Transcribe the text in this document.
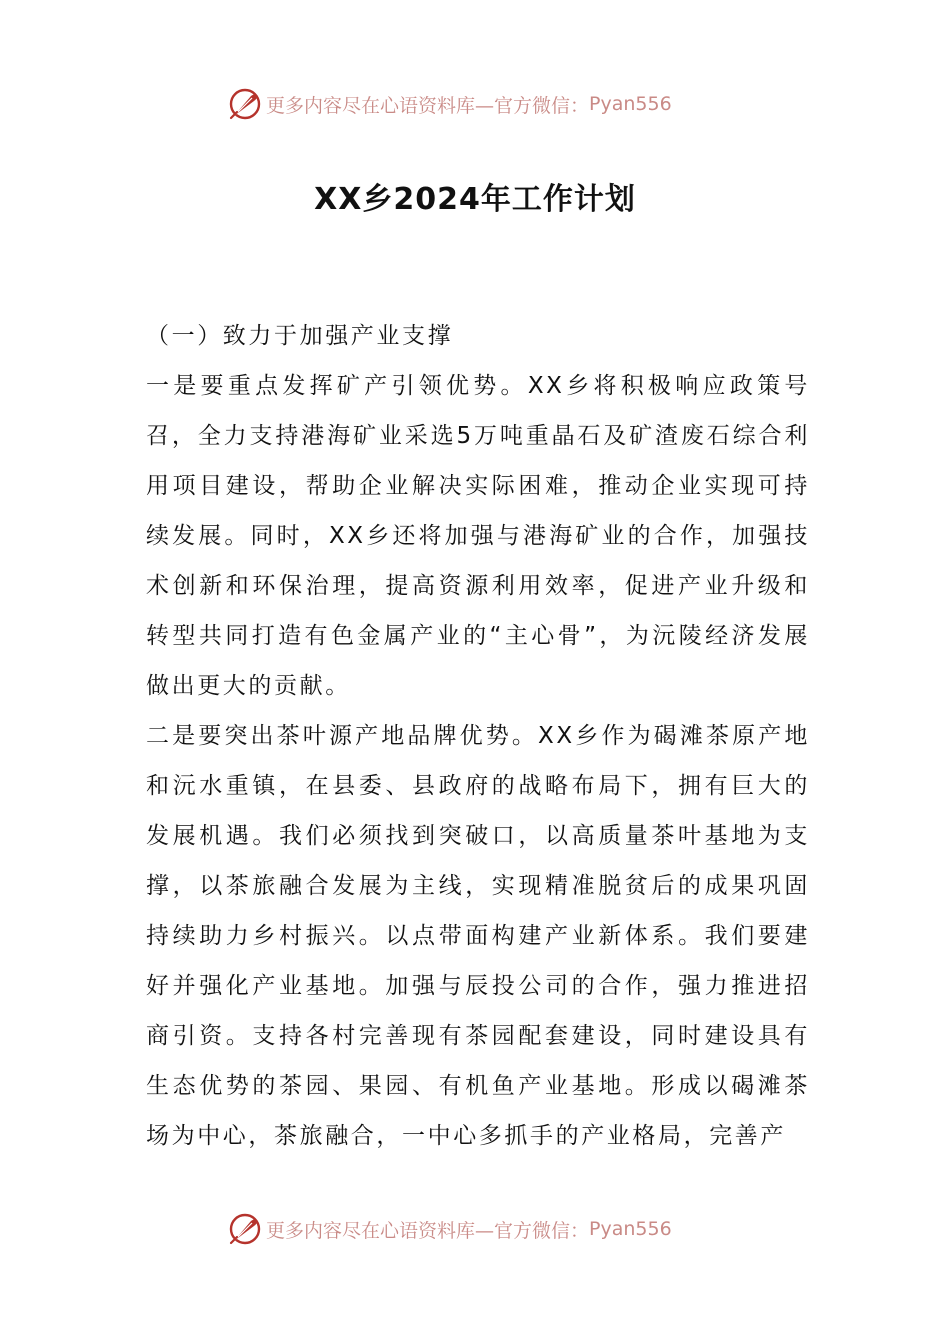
更多内容尽在心语资料库—官方微信： Pyan556
XX乡2024年工作计划

（一）致力于加强产业支撑

一是要重点发挥矿产引领优势。XX乡将积极响应政策号召，全力支持港海矿业采选5万吨重晶石及矿渣废石综合利用项目建设，帮助企业解决实际困难，推动企业实现可持续发展。同时，XX乡还将加强与港海矿业的合作，加强技术创新和环保治理，提高资源利用效率，促进产业升级和转型共同打造有色金属产业的“主心骨”，为沅陵经济发展做出更大的贡献。

二是要突出茶叶源产地品牌优势。XX乡作为碣滩茶原产地和沅水重镇，在县委、县政府的战略布局下，拥有巨大的发展机遇。我们必须找到突破口，以高质量茶叶基地为支撑，以茶旅融合发展为主线，实现精准脱贫后的成果巩固持续助力乡村振兴。以点带面构建产业新体系。我们要建好并强化产业基地。加强与辰投公司的合作，强力推进招商引资。支持各村完善现有茶园配套建设，同时建设具有生态优势的茶园、果园、有机鱼产业基地。形成以碣滩茶场为中心，茶旅融合，一中心多抓手的产业格局，完善产

更多内容尽在心语资料库—官方微信： Pyan556
